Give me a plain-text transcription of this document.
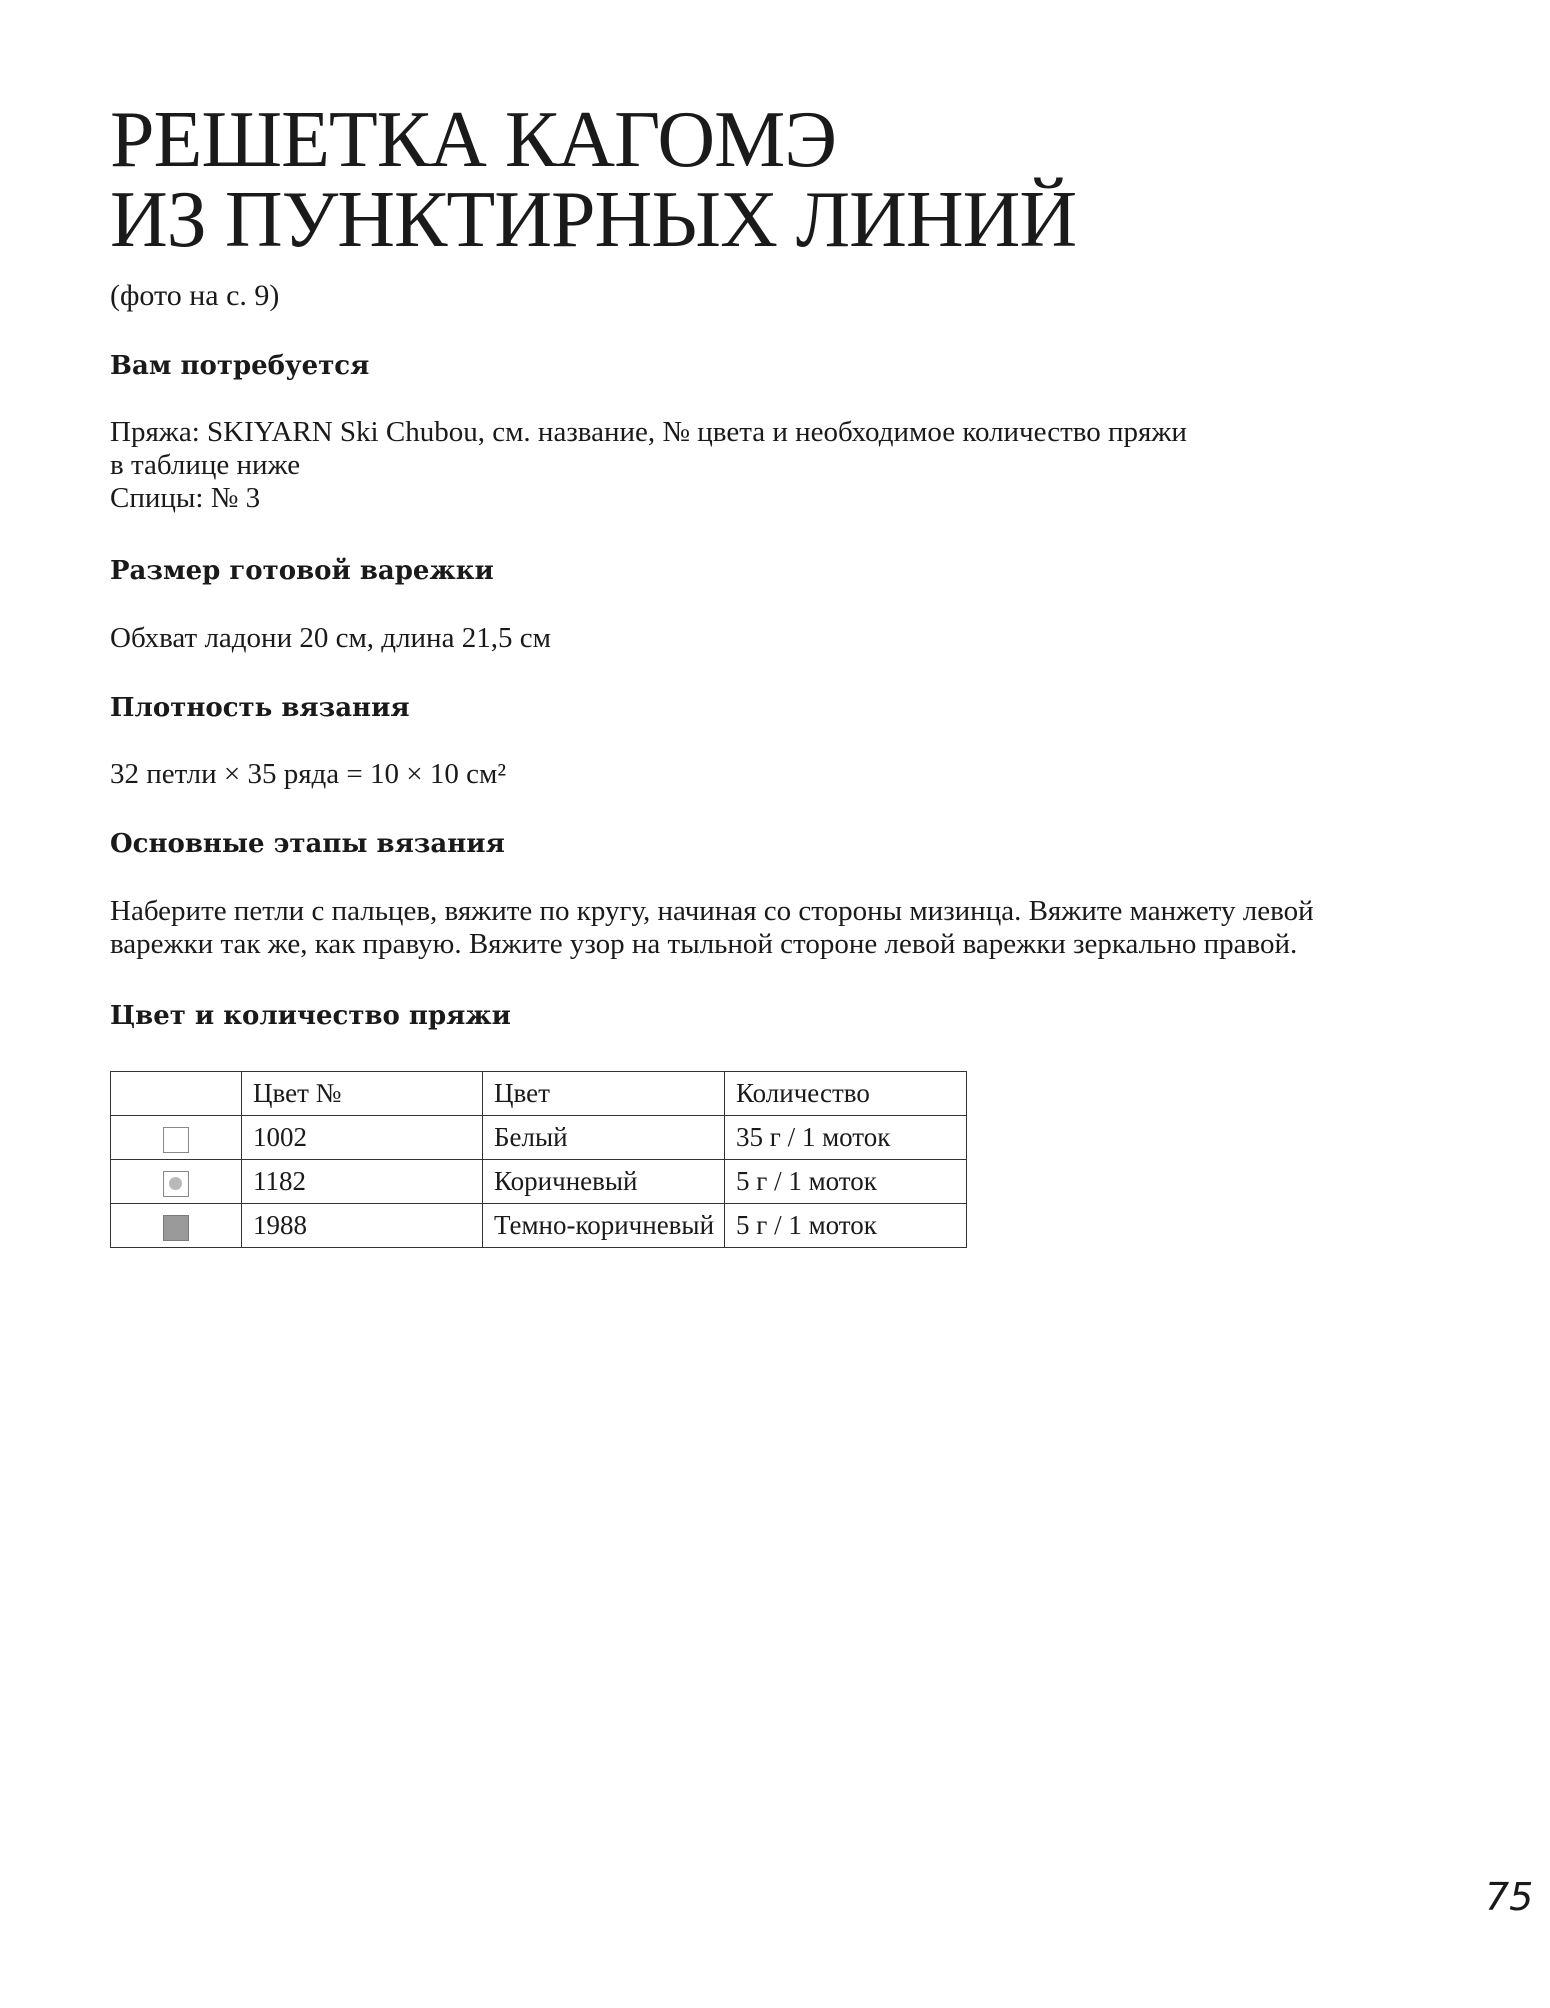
РЕШЕТКА КАГОМЭ
ИЗ ПУНКТИРНЫХ ЛИНИЙ
(фото на с. 9)
Вам потребуется

Пряжа: SKIYARN Ski Chubou, см. название, № цвета и необходимое количество пряжи
в таблице ниже
Спицы: № 3

Размер готовой варежки

Обхват ладони 20 см, длина 21,5 см

Плотность вязания

32 петли × 35 ряда = 10 × 10 см²

Основные этапы вязания

Наберите петли с пальцев, вяжите по кругу, начиная со стороны мизинца. Вяжите манжету левой
варежки так же, как правую. Вяжите узор на тыльной стороне левой варежки зеркально правой.

Цвет и количество пряжи
	Цвет №	Цвет	Количество
	1002	Белый	35 г / 1 моток
	1182	Коричневый	5 г / 1 моток
	1988	Темно-коричневый	5 г / 1 моток
75
